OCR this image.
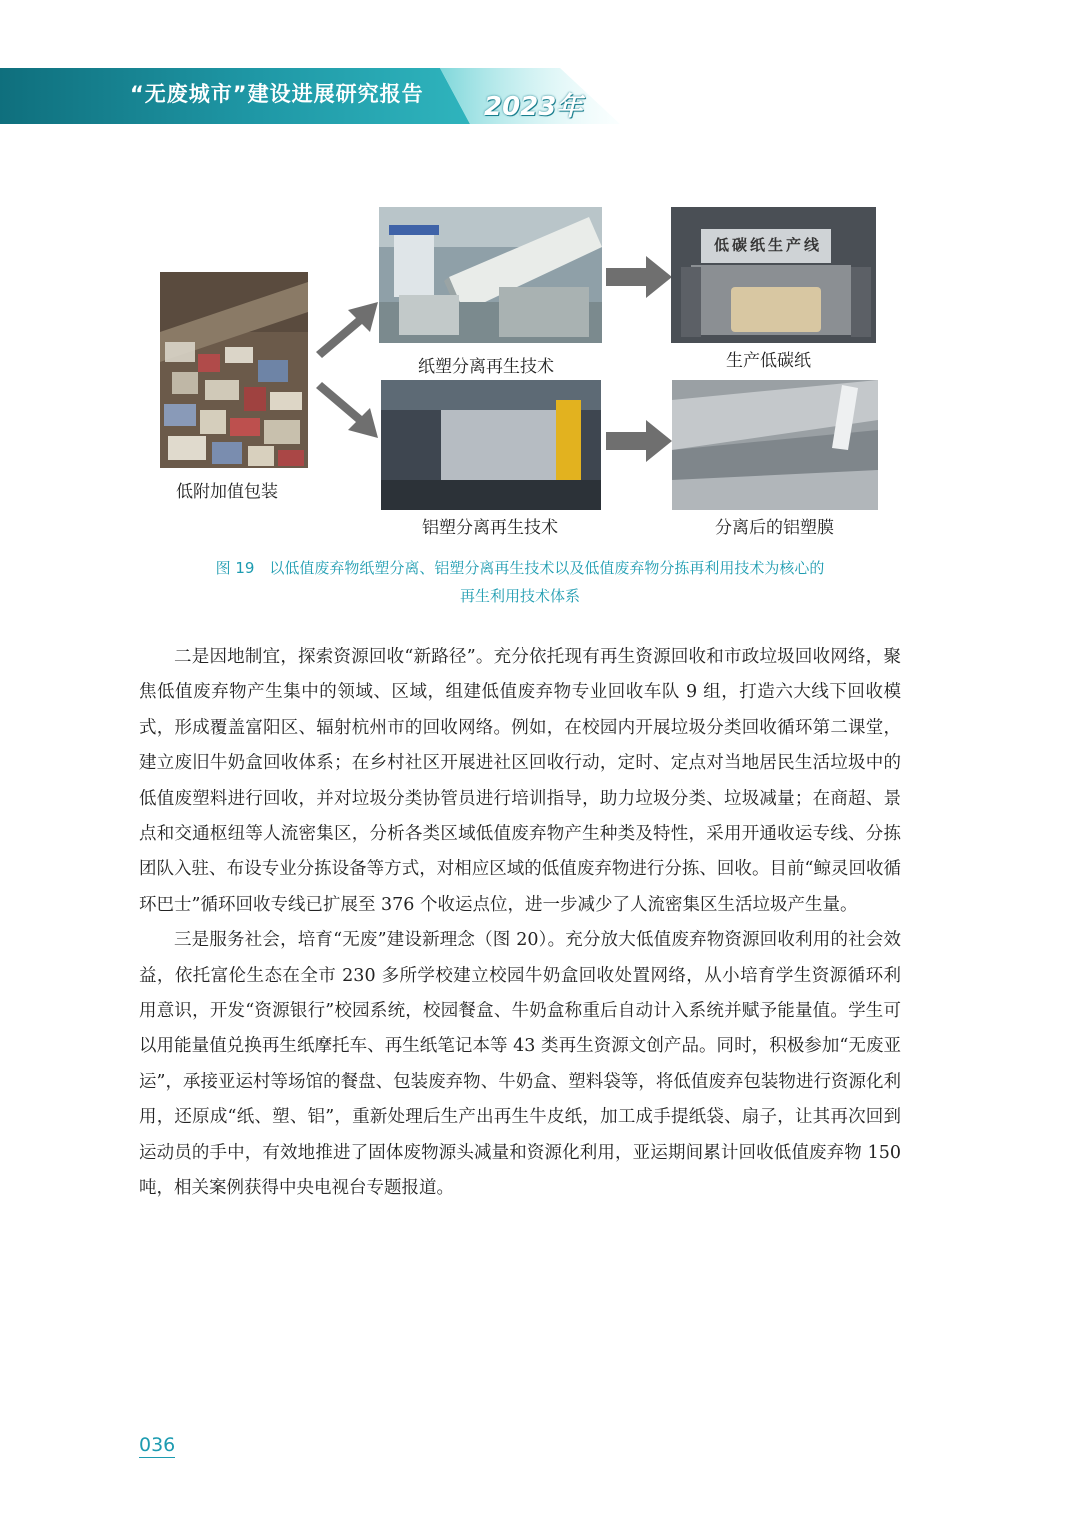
“无废城市”建设进展研究报告 2023年
低附加值包装
纸塑分离再生技术
低碳纸生产线
生产低碳纸
铝塑分离再生技术	分离后的铝塑膜
图 19　以低值废弃物纸塑分离、铝塑分离再生技术以及低值废弃物分拣再利用技术为核心的
再生利用技术体系

二是因地制宜，探索资源回收“新路径”。充分依托现有再生资源回收和市政垃圾回收网络，聚焦低值废弃物产生集中的领域、区域，组建低值废弃物专业回收车队 9 组，打造六大线下回收模式，形成覆盖富阳区、辐射杭州市的回收网络。例如，在校园内开展垃圾分类回收循环第二课堂，建立废旧牛奶盒回收体系；在乡村社区开展进社区回收行动，定时、定点对当地居民生活垃圾中的低值废塑料进行回收，并对垃圾分类协管员进行培训指导，助力垃圾分类、垃圾减量；在商超、景点和交通枢纽等人流密集区，分析各类区域低值废弃物产生种类及特性，采用开通收运专线、分拣团队入驻、布设专业分拣设备等方式，对相应区域的低值废弃物进行分拣、回收。目前“鲸灵回收循环巴士”循环回收专线已扩展至 376 个收运点位，进一步减少了人流密集区生活垃圾产生量。

三是服务社会，培育“无废”建设新理念（图 20）。充分放大低值废弃物资源回收利用的社会效益，依托富伦生态在全市 230 多所学校建立校园牛奶盒回收处置网络，从小培育学生资源循环利用意识，开发“资源银行”校园系统，校园餐盒、牛奶盒称重后自动计入系统并赋予能量值。学生可以用能量值兑换再生纸摩托车、再生纸笔记本等 43 类再生资源文创产品。同时，积极参加“无废亚运”，承接亚运村等场馆的餐盘、包装废弃物、牛奶盒、塑料袋等，将低值废弃包装物进行资源化利用，还原成“纸、塑、铝”，重新处理后生产出再生牛皮纸，加工成手提纸袋、扇子，让其再次回到运动员的手中，有效地推进了固体废物源头减量和资源化利用，亚运期间累计回收低值废弃物 150 吨，相关案例获得中央电视台专题报道。

036
